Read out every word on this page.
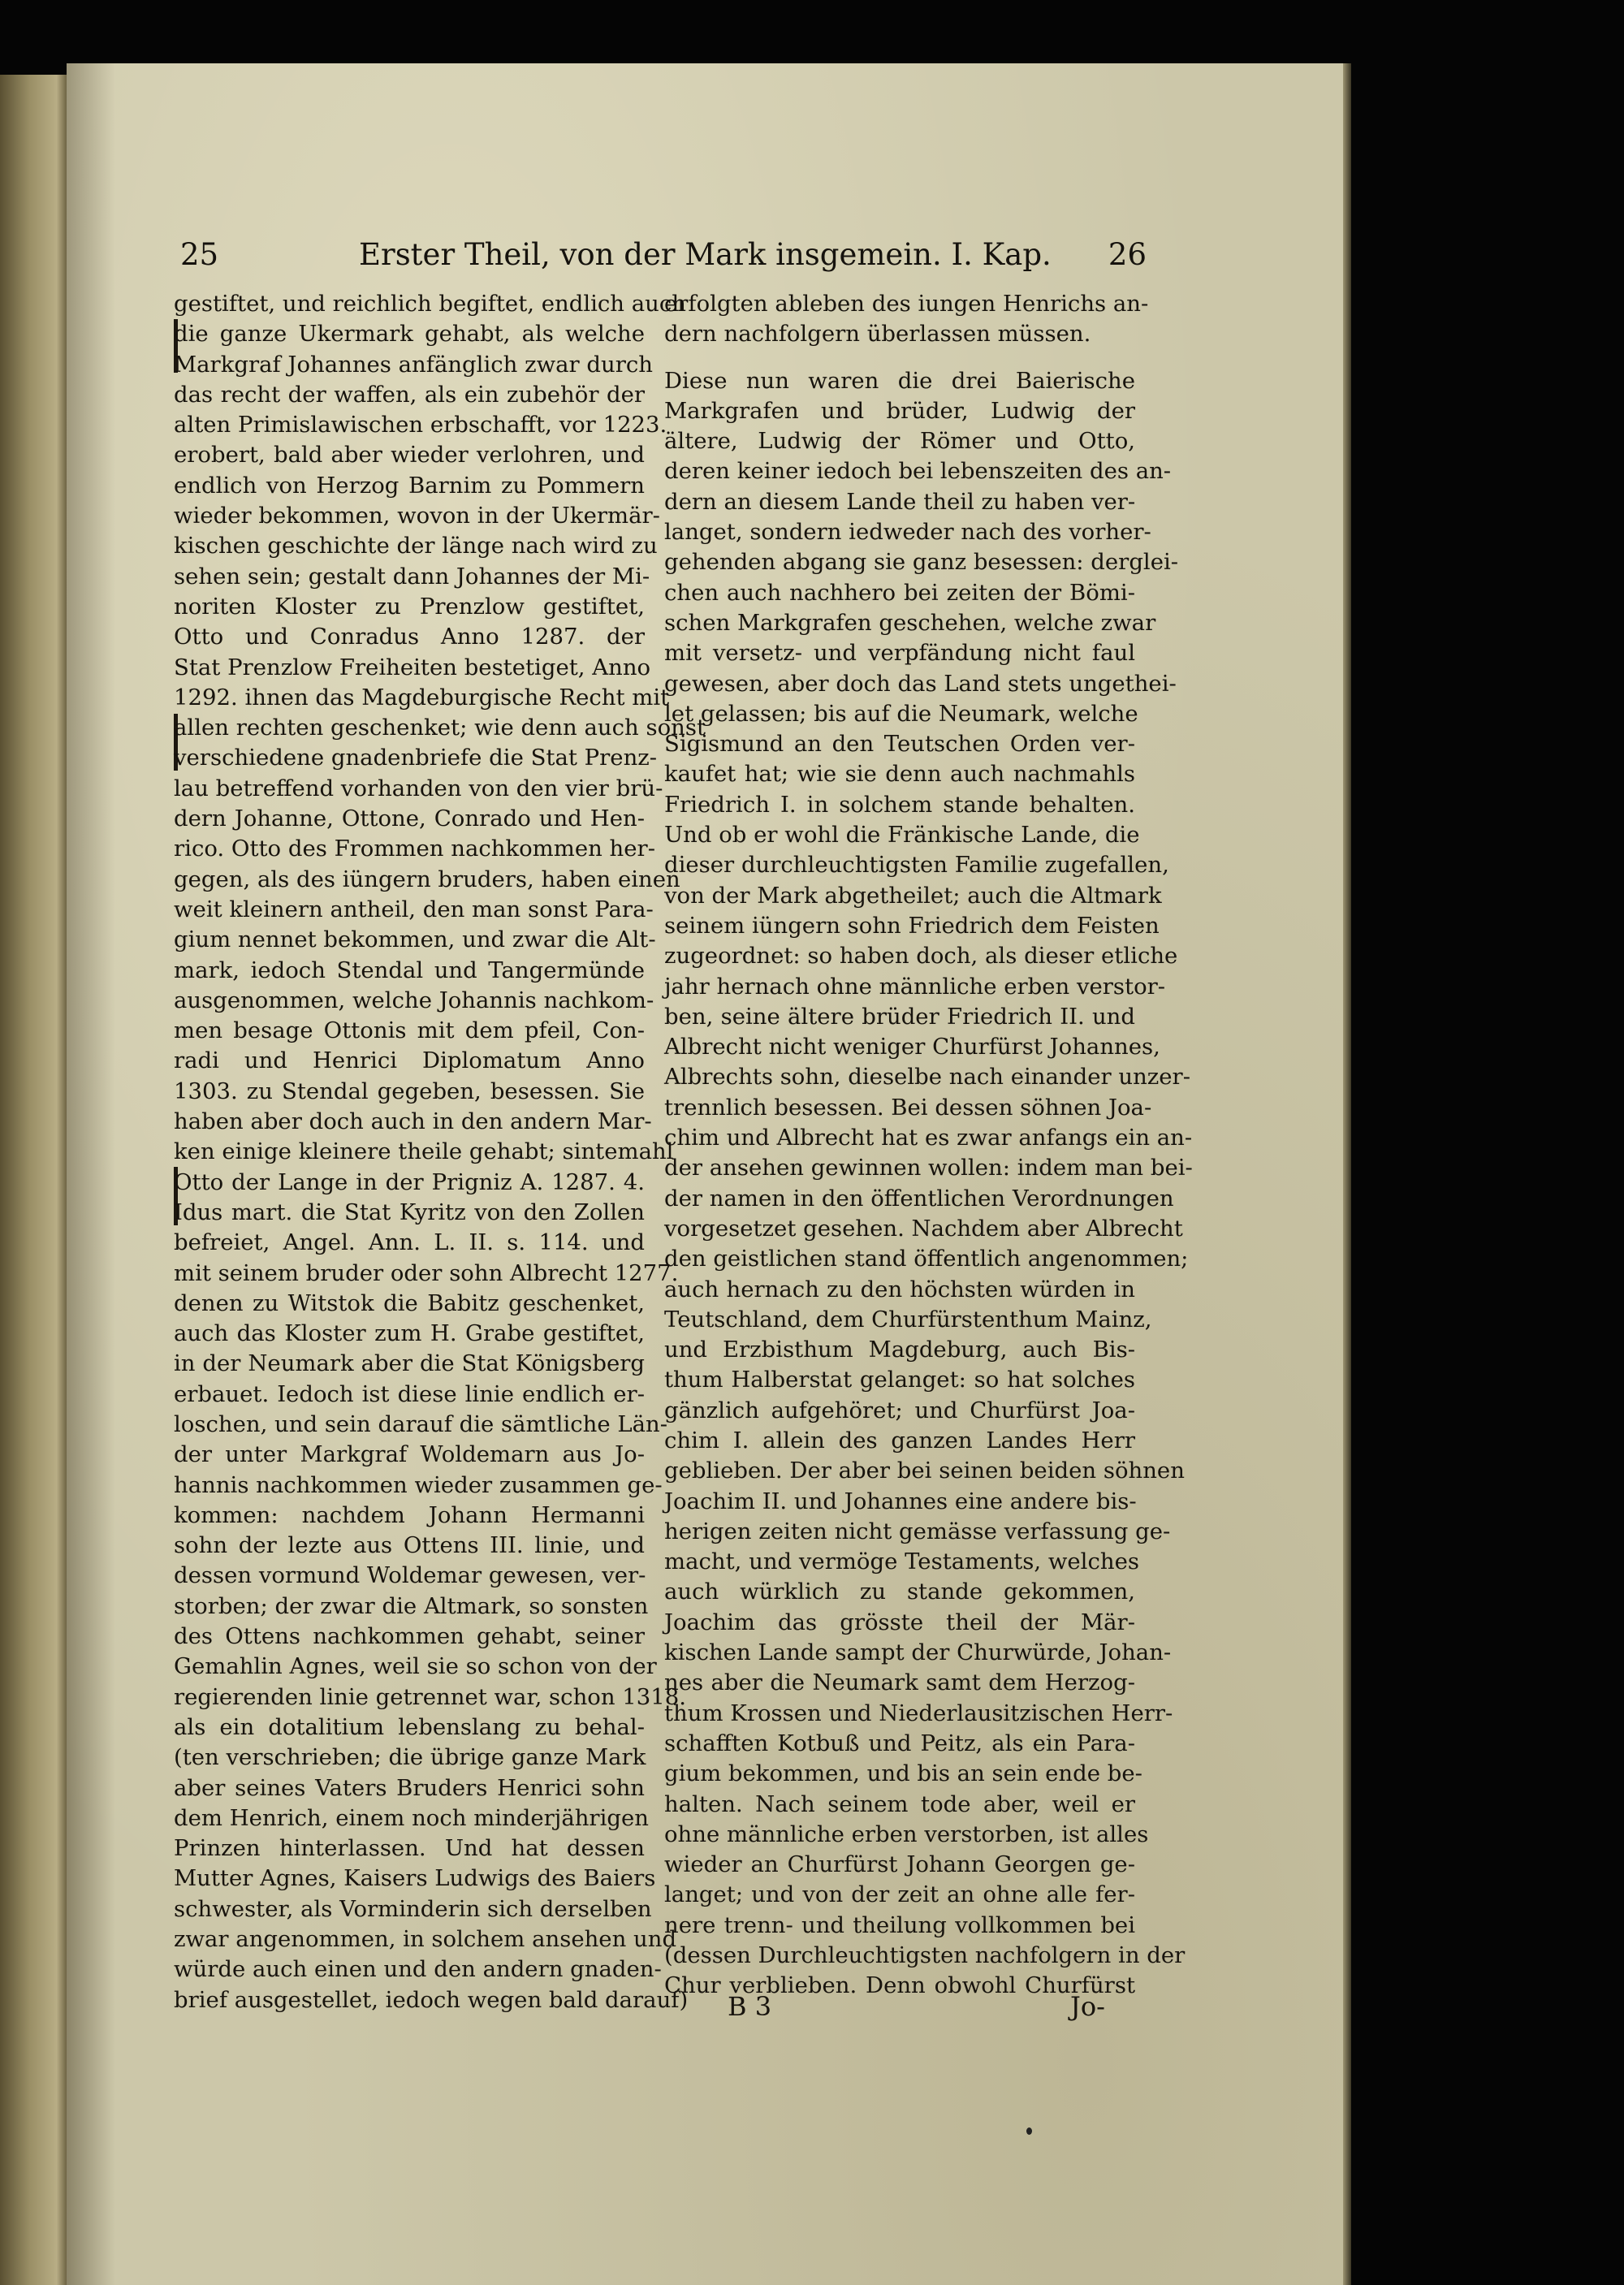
25	Erster Theil, von der Mark insgemein. I. Kap. 26
gestiftet, und reichlich begiftet, endlich auch
die ganze Ukermark gehabt, als welche
Markgraf Johannes anfänglich zwar durch
das recht der waffen, als ein zubehör der
alten Primislawischen erbschafft, vor 1223.
erobert, bald aber wieder verlohren, und
endlich von Herzog Barnim zu Pommern
wieder bekommen, wovon in der Ukermär-
kischen geschichte der länge nach wird zu
sehen sein; gestalt dann Johannes der Mi-
noriten Kloster zu Prenzlow gestiftet,
Otto und Conradus Anno 1287. der
Stat Prenzlow Freiheiten bestetiget, Anno
1292. ihnen das Magdeburgische Recht mit
allen rechten geschenket; wie denn auch sonst
verschiedene gnadenbriefe die Stat Prenz-
lau betreffend vorhanden von den vier brü-
dern Johanne, Ottone, Conrado und Hen-
rico. Otto des Frommen nachkommen her-
gegen, als des iüngern bruders, haben einen
weit kleinern antheil, den man sonst Para-
gium nennet bekommen, und zwar die Alt-
mark, iedoch Stendal und Tangermünde
ausgenommen, welche Johannis nachkom-
men besage Ottonis mit dem pfeil, Con-
radi und Henrici Diplomatum Anno
1303. zu Stendal gegeben, besessen. Sie
haben aber doch auch in den andern Mar-
ken einige kleinere theile gehabt; sintemahl
Otto der Lange in der Prigniz A. 1287. 4.
Idus mart. die Stat Kyritz von den Zollen
befreiet, Angel. Ann. L. II. s. 114. und
mit seinem bruder oder sohn Albrecht 1277.
denen zu Witstok die Babitz geschenket,
auch das Kloster zum H. Grabe gestiftet,
in der Neumark aber die Stat Königsberg
erbauet. Iedoch ist diese linie endlich er-
loschen, und sein darauf die sämtliche Län-
der unter Markgraf Woldemarn aus Jo-
hannis nachkommen wieder zusammen ge-
kommen: nachdem Johann Hermanni
sohn der lezte aus Ottens III. linie, und
dessen vormund Woldemar gewesen, ver-
storben; der zwar die Altmark, so sonsten
des Ottens nachkommen gehabt, seiner
Gemahlin Agnes, weil sie so schon von der
regierenden linie getrennet war, schon 1318.
als ein dotalitium lebenslang zu behal-
(ten verschrieben; die übrige ganze Mark
aber seines Vaters Bruders Henrici sohn
dem Henrich, einem noch minderjährigen
Prinzen hinterlassen. Und hat dessen
Mutter Agnes, Kaisers Ludwigs des Baiers
schwester, als Vorminderin sich derselben
zwar angenommen, in solchem ansehen und
würde auch einen und den andern gnaden-
brief ausgestellet, iedoch wegen bald darauf)
erfolgten ableben des iungen Henrichs an-
dern nachfolgern überlassen müssen.
Diese nun waren die drei Baierische
Markgrafen und brüder, Ludwig der
ältere, Ludwig der Römer und Otto,
deren keiner iedoch bei lebenszeiten des an-
dern an diesem Lande theil zu haben ver-
langet, sondern iedweder nach des vorher-
gehenden abgang sie ganz besessen: derglei-
chen auch nachhero bei zeiten der Bömi-
schen Markgrafen geschehen, welche zwar
mit versetz- und verpfändung nicht faul
gewesen, aber doch das Land stets ungethei-
let gelassen; bis auf die Neumark, welche
Sigismund an den Teutschen Orden ver-
kaufet hat; wie sie denn auch nachmahls
Friedrich I. in solchem stande behalten.
Und ob er wohl die Fränkische Lande, die
dieser durchleuchtigsten Familie zugefallen,
von der Mark abgetheilet; auch die Altmark
seinem iüngern sohn Friedrich dem Feisten
zugeordnet: so haben doch, als dieser etliche
jahr hernach ohne männliche erben verstor-
ben, seine ältere brüder Friedrich II. und
Albrecht nicht weniger Churfürst Johannes,
Albrechts sohn, dieselbe nach einander unzer-
trennlich besessen. Bei dessen söhnen Joa-
chim und Albrecht hat es zwar anfangs ein an-
der ansehen gewinnen wollen: indem man bei-
der namen in den öffentlichen Verordnungen
vorgesetzet gesehen. Nachdem aber Albrecht
den geistlichen stand öffentlich angenommen;
auch hernach zu den höchsten würden in
Teutschland, dem Churfürstenthum Mainz,
und Erzbisthum Magdeburg, auch Bis-
thum Halberstat gelanget: so hat solches
gänzlich aufgehöret; und Churfürst Joa-
chim I. allein des ganzen Landes Herr
geblieben. Der aber bei seinen beiden söhnen
Joachim II. und Johannes eine andere bis-
herigen zeiten nicht gemässe verfassung ge-
macht, und vermöge Testaments, welches
auch würklich zu stande gekommen,
Joachim das grösste theil der Mär-
kischen Lande sampt der Churwürde, Johan-
nes aber die Neumark samt dem Herzog-
thum Krossen und Niederlausitzischen Herr-
schafften Kotbuß und Peitz, als ein Para-
gium bekommen, und bis an sein ende be-
halten. Nach seinem tode aber, weil er
ohne männliche erben verstorben, ist alles
wieder an Churfürst Johann Georgen ge-
langet; und von der zeit an ohne alle fer-
nere trenn- und theilung vollkommen bei
(dessen Durchleuchtigsten nachfolgern in der
Chur verblieben. Denn obwohl Churfürst
B 3	Jo-
